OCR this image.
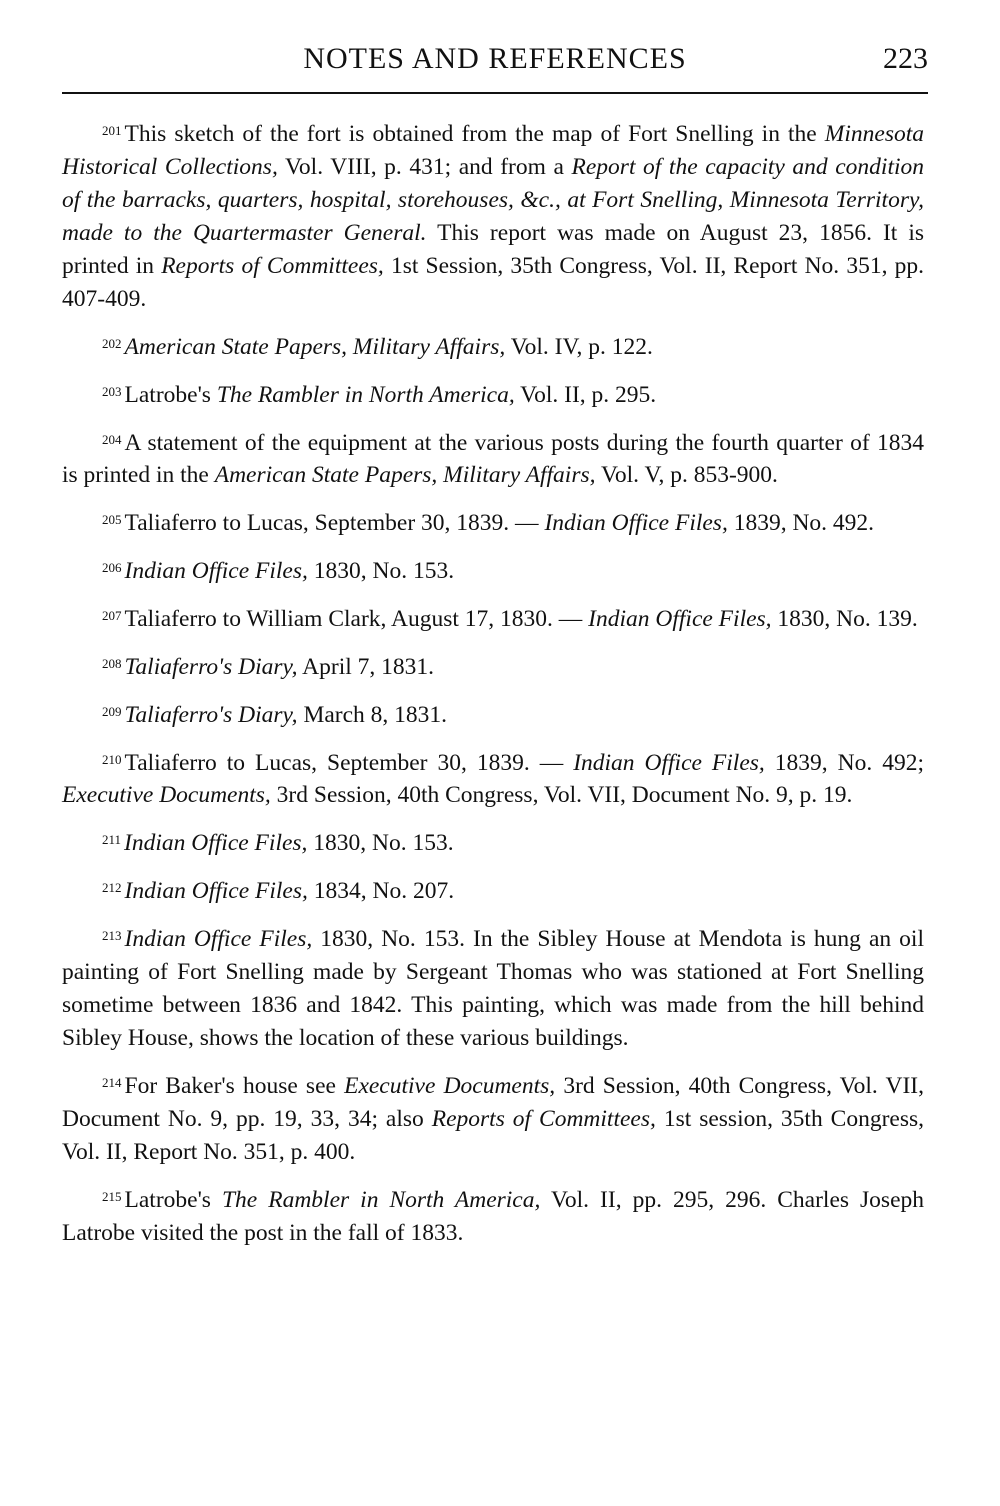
NOTES AND REFERENCES	223

$^{201}$ This sketch of the fort is obtained from the map of Fort Snelling in the Minnesota Historical Collections, Vol. VIII, p. 431; and from a Report of the capacity and condition of the barracks, quarters, hospital, storehouses, &c., at Fort Snelling, Minnesota Territory, made to the Quartermaster General. This report was made on August 23, 1856. It is printed in Reports of Committees, 1st Session, 35th Congress, Vol. II, Report No. 351, pp. 407-409.

$^{202}$ American State Papers, Military Affairs, Vol. IV, p. 122.

$^{203}$ Latrobe's The Rambler in North America, Vol. II, p. 295.

$^{204}$ A statement of the equipment at the various posts during the fourth quarter of 1834 is printed in the American State Papers, Military Affairs, Vol. V, p. 853-900.

$^{205}$ Taliaferro to Lucas, September 30, 1839. — Indian Office Files, 1839, No. 492.

$^{206}$ Indian Office Files, 1830, No. 153.

$^{207}$ Taliaferro to William Clark, August 17, 1830. — Indian Office Files, 1830, No. 139.

$^{208}$ Taliaferro's Diary, April 7, 1831.

$^{209}$ Taliaferro's Diary, March 8, 1831.

$^{210}$ Taliaferro to Lucas, September 30, 1839. — Indian Office Files, 1839, No. 492; Executive Documents, 3rd Session, 40th Congress, Vol. VII, Document No. 9, p. 19.

$^{211}$ Indian Office Files, 1830, No. 153.

$^{212}$ Indian Office Files, 1834, No. 207.

$^{213}$ Indian Office Files, 1830, No. 153. In the Sibley House at Mendota is hung an oil painting of Fort Snelling made by Sergeant Thomas who was stationed at Fort Snelling sometime between 1836 and 1842. This painting, which was made from the hill behind Sibley House, shows the location of these various buildings.

$^{214}$ For Baker's house see Executive Documents, 3rd Session, 40th Congress, Vol. VII, Document No. 9, pp. 19, 33, 34; also Reports of Committees, 1st session, 35th Congress, Vol. II, Report No. 351, p. 400.

$^{215}$ Latrobe's The Rambler in North America, Vol. II, pp. 295, 296. Charles Joseph Latrobe visited the post in the fall of 1833.
